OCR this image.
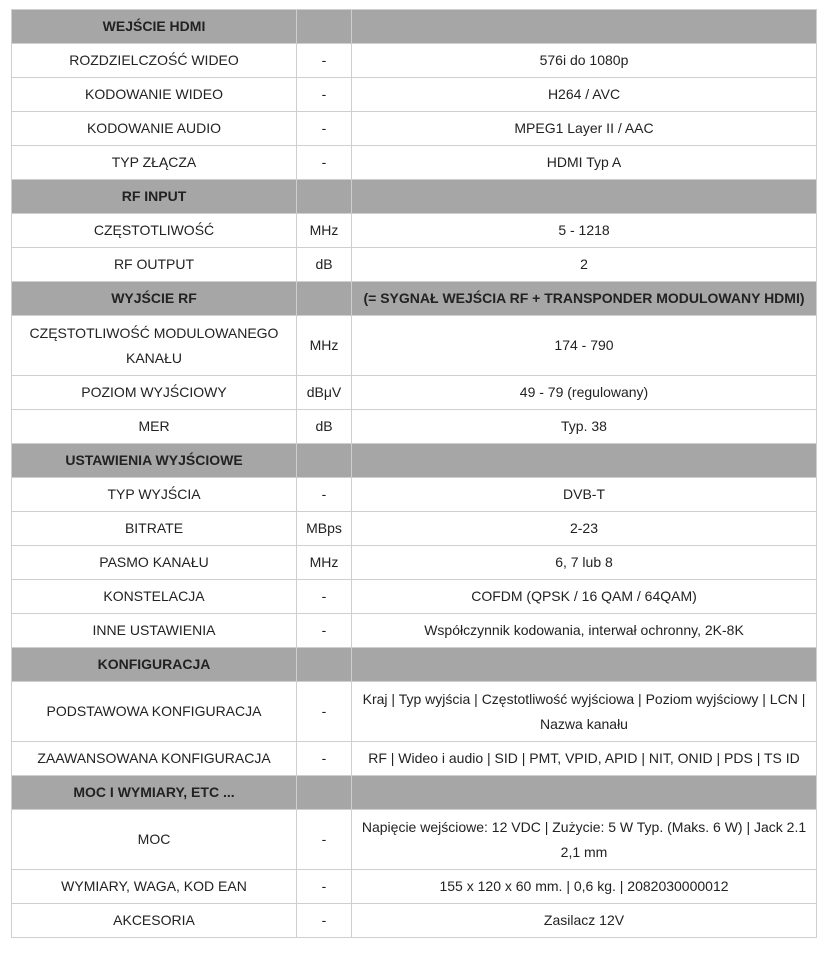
WEJŚCIE HDMI		
ROZDZIELCZOŚĆ WIDEO	-	576i do 1080p
KODOWANIE WIDEO	-	H264 / AVC
KODOWANIE AUDIO	-	MPEG1 Layer II / AAC
TYP ZŁĄCZA	-	HDMI Typ A
RF INPUT		
CZĘSTOTLIWOŚĆ	MHz	5 - 1218
RF OUTPUT	dB	2
WYJŚCIE RF		(= SYGNAŁ WEJŚCIA RF + TRANSPONDER MODULOWANY HDMI)
CZĘSTOTLIWOŚĆ MODULOWANEGO KANAŁU	MHz	174 - 790
POZIOM WYJŚCIOWY	dBμV	49 - 79 (regulowany)
MER	dB	Typ. 38
USTAWIENIA WYJŚCIOWE		
TYP WYJŚCIA	-	DVB-T
BITRATE	MBps	2-23
PASMO KANAŁU	MHz	6, 7 lub 8
KONSTELACJA	-	COFDM (QPSK / 16 QAM / 64QAM)
INNE USTAWIENIA	-	Współczynnik kodowania, interwał ochronny, 2K-8K
KONFIGURACJA		
PODSTAWOWA KONFIGURACJA	-	Kraj | Typ wyjścia | Częstotliwość wyjściowa | Poziom wyjściowy | LCN | Nazwa kanału
ZAAWANSOWANA KONFIGURACJA	-	RF | Wideo i audio | SID | PMT, VPID, APID | NIT, ONID | PDS | TS ID
MOC I WYMIARY, ETC ...		
MOC	-	Napięcie wejściowe: 12 VDC | Zużycie: 5 W Typ. (Maks. 6 W) | Jack 2.1 2,1 mm
WYMIARY, WAGA, KOD EAN	-	155 x 120 x 60 mm. | 0,6 kg. | 2082030000012
AKCESORIA	-	Zasilacz 12V
